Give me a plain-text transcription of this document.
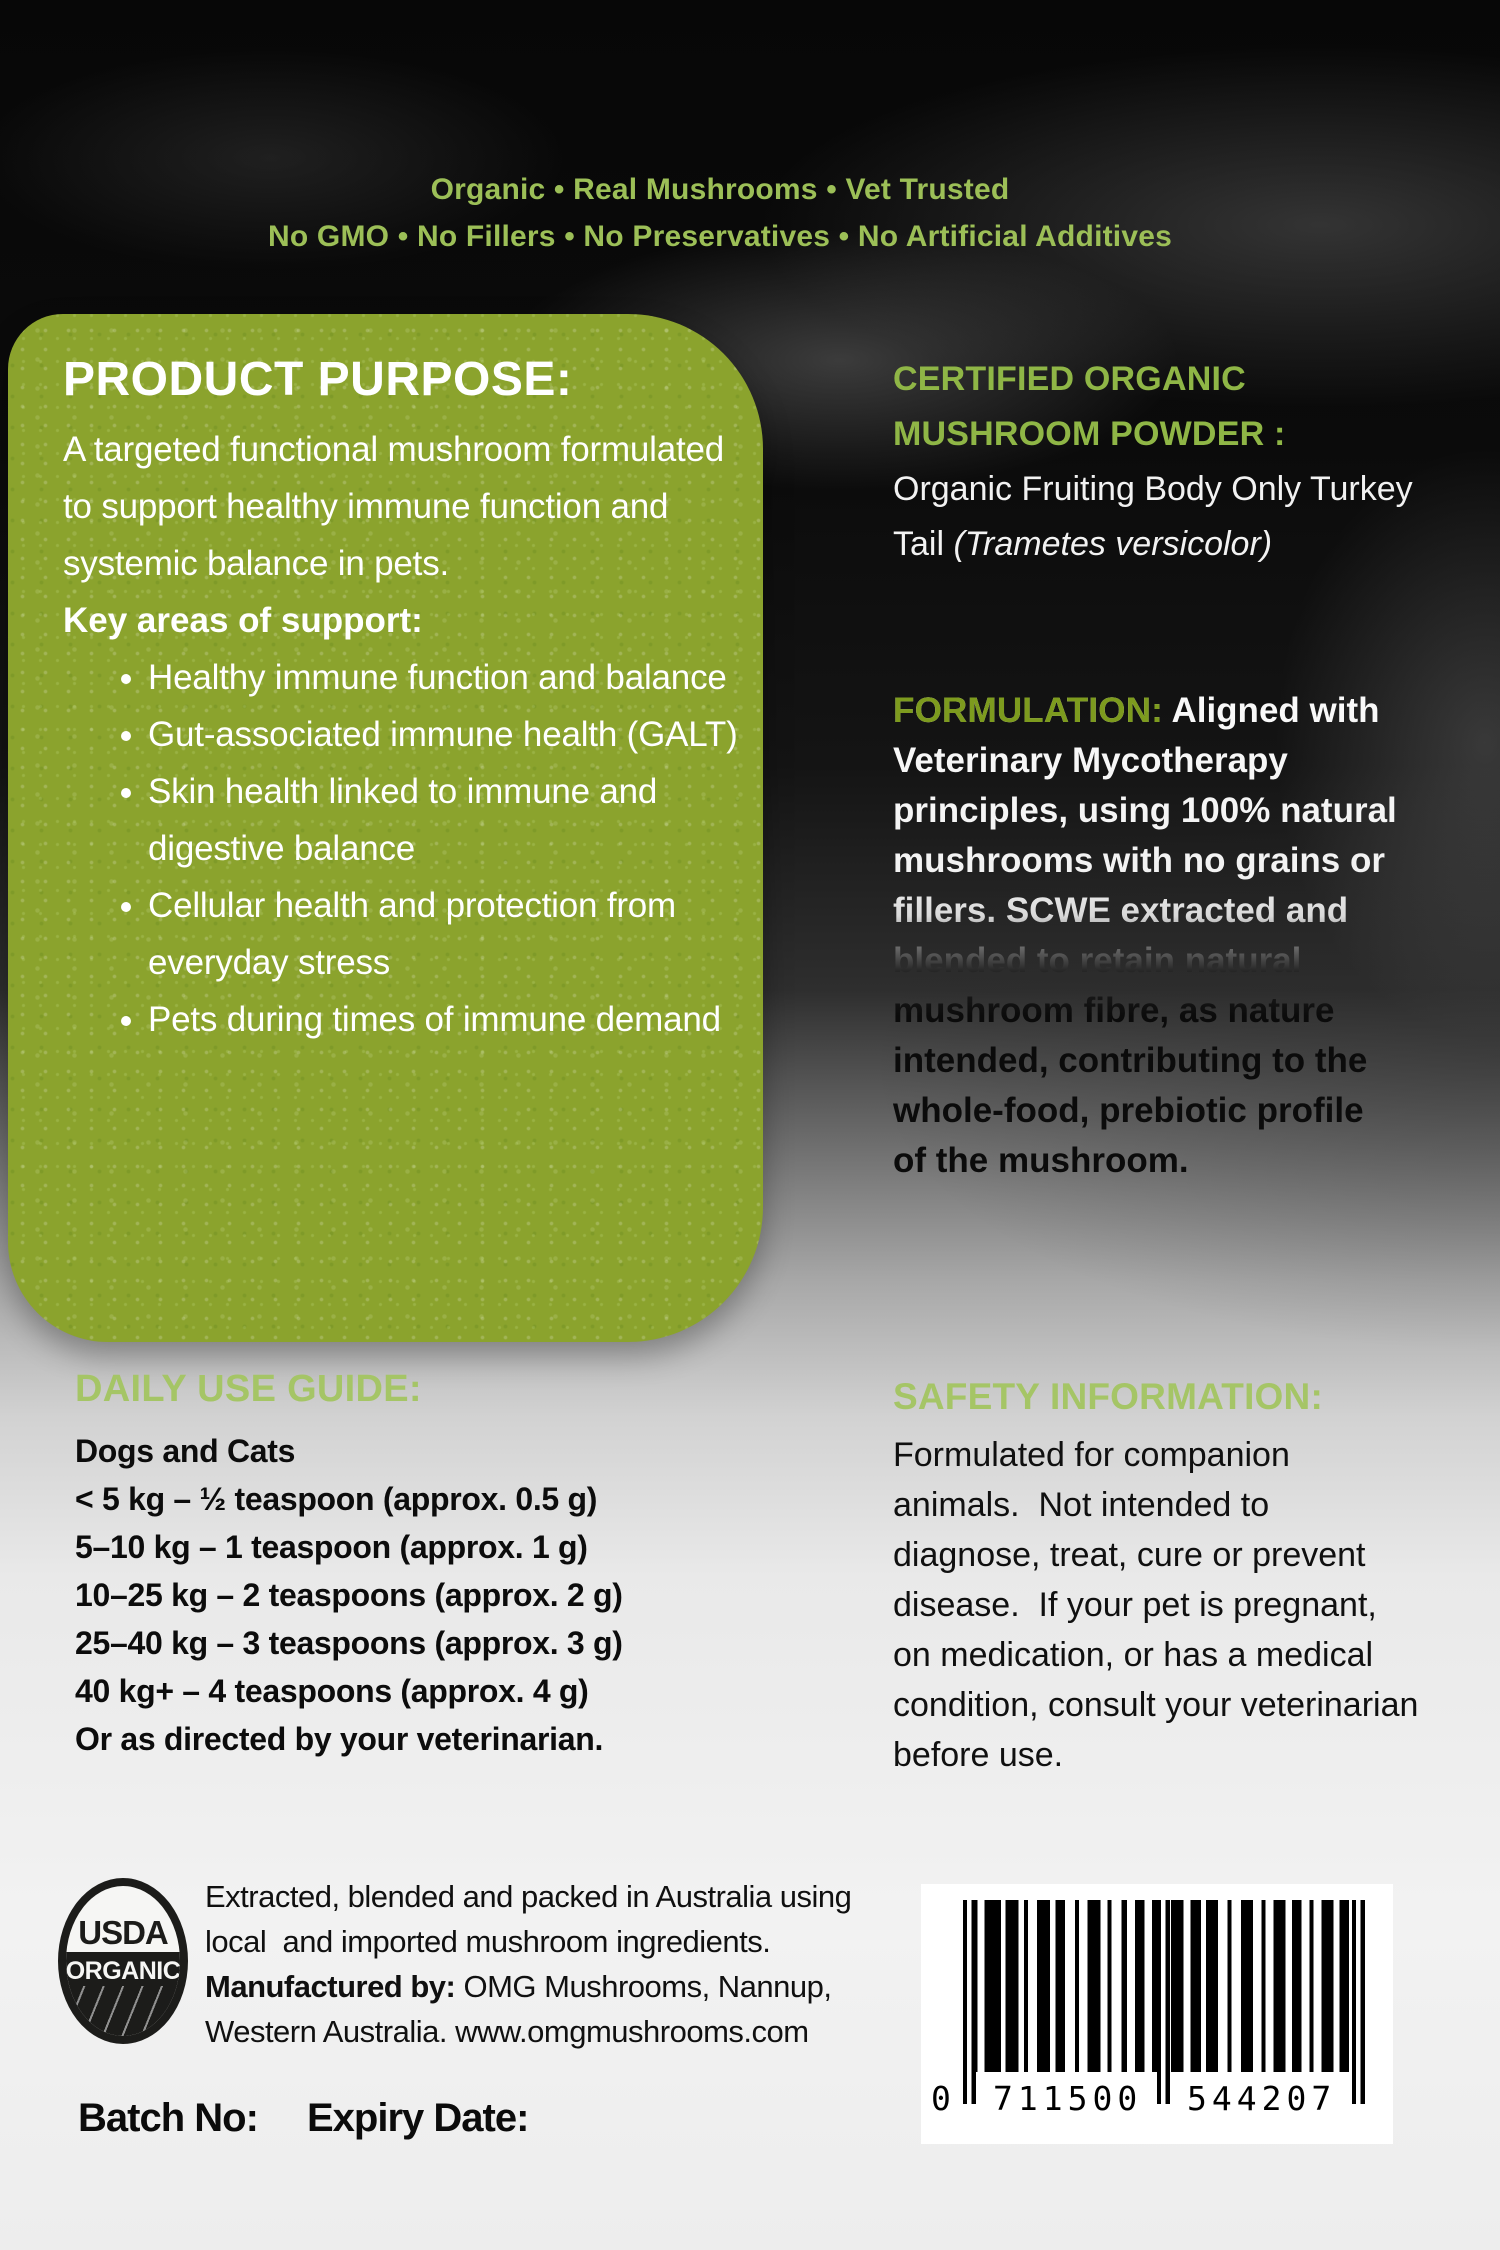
Organic • Real Mushrooms • Vet Trusted
No GMO • No Fillers • No Preservatives • No Artificial Additives
PRODUCT PURPOSE:

A targeted functional mushroom formulated to support healthy immune function and systemic balance in pets.

Key areas of support:
• Healthy immune function and balance
• Gut-associated immune health (GALT)
• Skin health linked to immune and digestive balance
• Cellular health and protection from everyday stress
• Pets during times of immune demand
CERTIFIED ORGANIC MUSHROOM POWDER : Organic Fruiting Body Only Turkey Tail (Trametes versicolor)
FORMULATION: Aligned with Veterinary Mycotherapy principles, using 100% natural mushrooms with no grains or fillers. SCWE extracted and blended to retain natural mushroom fibre, as nature intended, contributing to the whole-food, prebiotic profile of the mushroom.
DAILY USE GUIDE:
Dogs and Cats
< 5 kg – ½ teaspoon (approx. 0.5 g)
5–10 kg – 1 teaspoon (approx. 1 g)
10–25 kg – 2 teaspoons (approx. 2 g)
25–40 kg – 3 teaspoons (approx. 3 g)
40 kg+ – 4 teaspoons (approx. 4 g)
Or as directed by your veterinarian.
SAFETY INFORMATION:
Formulated for companion animals.  Not intended to diagnose, treat, cure or prevent disease.  If your pet is pregnant, on medication, or has a medical condition, consult your veterinarian before use.
USDA
ORGANIC
Extracted, blended and packed in Australia using
local  and imported mushroom ingredients.
Manufactured by: OMG Mushrooms, Nannup,
Western Australia. www.omgmushrooms.com
Batch No: Expiry Date:	0 711500 544207
